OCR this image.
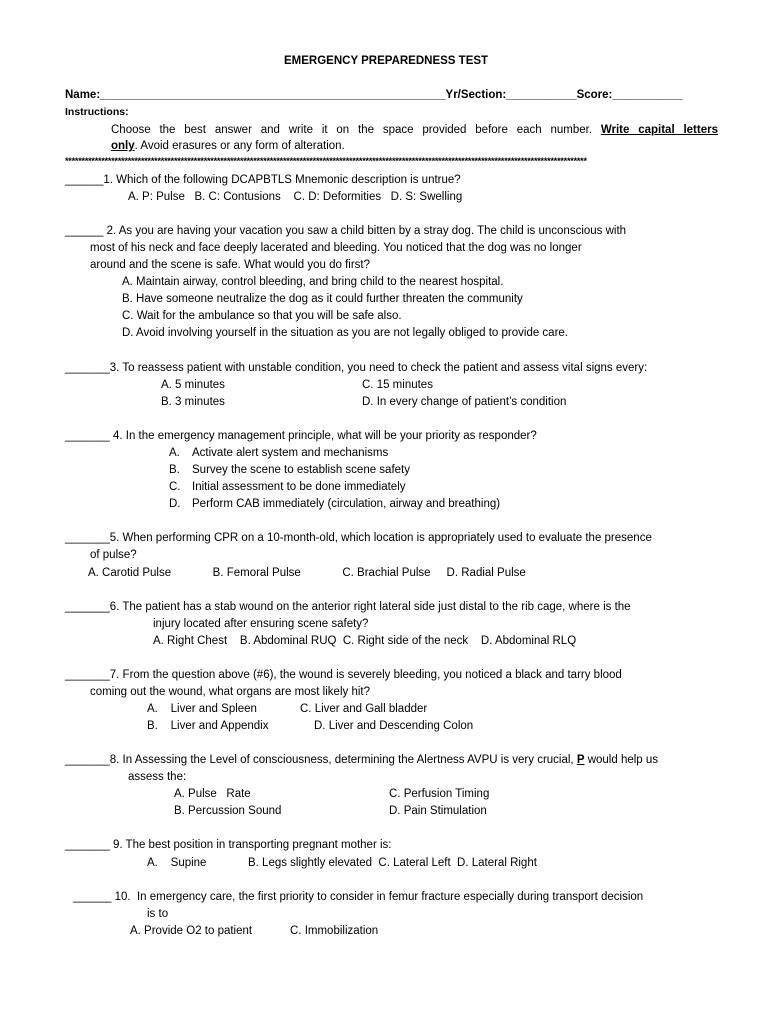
EMERGENCY PREPAREDNESS TEST
Name:______________________________________________________Yr/Section:___________Score:___________
Instructions:
Choose the best answer and write it on the space provided before each number. Write capital letters
only. Avoid erasures or any form of alteration.
**************************************************************************************************************************************************************
______1. Which of the following DCAPBTLS Mnemonic description is untrue?
A. P: Pulse   B. C: Contusions    C. D: Deformities   D. S: Swelling
______ 2. As you are having your vacation you saw a child bitten by a stray dog. The child is unconscious with
most of his neck and face deeply lacerated and bleeding. You noticed that the dog was no longer
around and the scene is safe. What would you do first?
A. Maintain airway, control bleeding, and bring child to the nearest hospital.
B. Have someone neutralize the dog as it could further threaten the community
C. Wait for the ambulance so that you will be safe also.
D. Avoid involving yourself in the situation as you are not legally obliged to provide care.
_______3. To reassess patient with unstable condition, you need to check the patient and assess vital signs every:
A. 5 minutes	C. 15 minutes
B. 3 minutes	D. In every change of patient’s condition
_______ 4. In the emergency management principle, what will be your priority as responder?
A. Activate alert system and mechanisms
B. Survey the scene to establish scene safety
C. Initial assessment to be done immediately
D. Perform CAB immediately (circulation, airway and breathing)
_______5. When performing CPR on a 10-month-old, which location is appropriately used to evaluate the presence
of pulse?
A. Carotid Pulse             B. Femoral Pulse             C. Brachial Pulse     D. Radial Pulse
_______6. The patient has a stab wound on the anterior right lateral side just distal to the rib cage, where is the
injury located after ensuring scene safety?
A. Right Chest    B. Abdominal RUQ  C. Right side of the neck    D. Abdominal RLQ
_______7. From the question above (#6), the wound is severely bleeding, you noticed a black and tarry blood
coming out the wound, what organs are most likely hit?
A.    Liver and Spleen	C. Liver and Gall bladder
B.    Liver and Appendix	D. Liver and Descending Colon
_______8. In Assessing the Level of consciousness, determining the Alertness AVPU is very crucial, P would help us
assess the:
A. Pulse   Rate	C. Perfusion Timing
B. Percussion Sound	D. Pain Stimulation
_______ 9. The best position in transporting pregnant mother is:
A.    Supine             B. Legs slightly elevated  C. Lateral Left  D. Lateral Right
______ 10.  In emergency care, the first priority to consider in femur fracture especially during transport decision
is to
A. Provide O2 to patient	C. Immobilization
